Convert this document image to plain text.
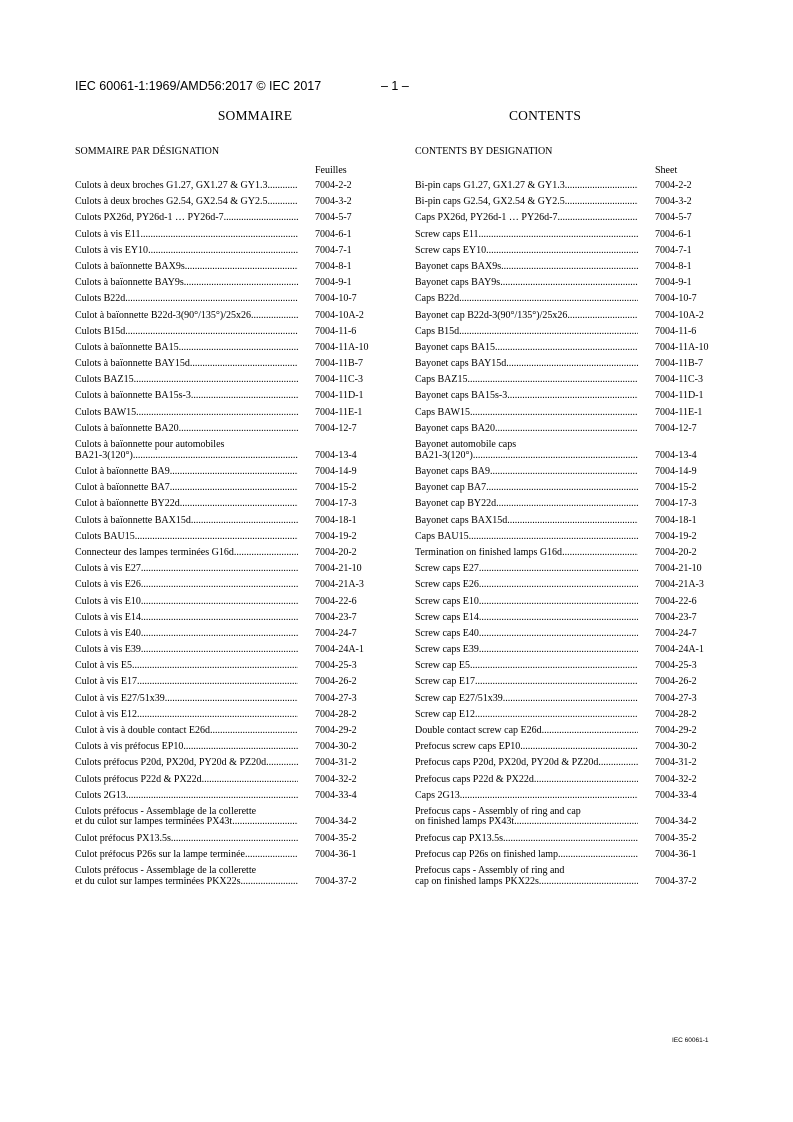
IEC 60061-1:1969/AMD56:2017 © IEC 2017	– 1 –
SOMMAIRE
SOMMAIRE PAR DÉSIGNATION
Feuilles
Culots à deux broches G1.27, GX1.27 & GY1.3 .....	7004-2-2
Culots à deux broches G2.54, GX2.54 & GY2.5 .....	7004-3-2
Culots PX26d, PY26d-1 … PY26d-7 .....	7004-5-7
Culots à vis E11 .....	7004-6-1
Culots à vis EY10 .....	7004-7-1
Culots à baïonnette BAX9s .....	7004-8-1
Culots à baïonnette BAY9s .....	7004-9-1
Culots B22d .....	7004-10-7
Culot à baïonnette B22d-3(90°/135°)/25x26 .....	7004-10A-2
Culots B15d .....	7004-11-6
Culots à baïonnette BA15 .....	7004-11A-10
Culots à baïonnette BAY15d .....	7004-11B-7
Culots BAZ15 .....	7004-11C-3
Culots à baïonnette BA15s-3 .....	7004-11D-1
Culots BAW15 .....	7004-11E-1
Culots à baïonnette BA20 .....	7004-12-7
Culots à baïonnette pour automobiles
BA21-3(120°) .....	7004-13-4
Culot à baïonnette BA9 .....	7004-14-9
Culot à baïonnette BA7 .....	7004-15-2
Culot à baïonnette BY22d .....	7004-17-3
Culots à baïonnette BAX15d .....	7004-18-1
Culots BAU15 .....	7004-19-2
Connecteur des lampes terminées G16d .....	7004-20-2
Culots à vis E27 .....	7004-21-10
Culots à vis E26 .....	7004-21A-3
Culots à vis E10 .....	7004-22-6
Culots à vis E14 .....	7004-23-7
Culots à vis E40 .....	7004-24-7
Culots à vis E39 .....	7004-24A-1
Culot à vis E5 .....	7004-25-3
Culot à vis E17 .....	7004-26-2
Culot à vis E27/51x39 .....	7004-27-3
Culot à vis E12 .....	7004-28-2
Culot à vis à double contact E26d .....	7004-29-2
Culots à vis préfocus EP10 .....	7004-30-2
Culots préfocus P20d, PX20d, PY20d & PZ20d .....	7004-31-2
Culots préfocus P22d & PX22d .....	7004-32-2
Culots 2G13 .....	7004-33-4
Culots préfocus - Assemblage de la collerette
et du culot sur lampes terminées PX43t .....	7004-34-2
Culot préfocus PX13.5s .....	7004-35-2
Culot préfocus P26s sur la lampe terminée .....	7004-36-1
Culots préfocus - Assemblage de la collerette
et du culot sur lampes terminées PKX22s .....	7004-37-2
CONTENTS
CONTENTS BY DESIGNATION
Sheet
Bi-pin caps G1.27, GX1.27 & GY1.3 .....	7004-2-2
Bi-pin caps G2.54, GX2.54 & GY2.5 .....	7004-3-2
Caps PX26d, PY26d-1 … PY26d-7 .....	7004-5-7
Screw caps E11 .....	7004-6-1
Screw caps EY10 .....	7004-7-1
Bayonet caps BAX9s .....	7004-8-1
Bayonet caps BAY9s .....	7004-9-1
Caps B22d .....	7004-10-7
Bayonet cap B22d-3(90°/135°)/25x26 .....	7004-10A-2
Caps B15d .....	7004-11-6
Bayonet caps BA15 .....	7004-11A-10
Bayonet caps BAY15d .....	7004-11B-7
Caps BAZ15 .....	7004-11C-3
Bayonet caps BA15s-3 .....	7004-11D-1
Caps BAW15 .....	7004-11E-1
Bayonet caps BA20 .....	7004-12-7
Bayonet automobile caps
BA21-3(120°) .....	7004-13-4
Bayonet caps BA9 .....	7004-14-9
Bayonet cap BA7 .....	7004-15-2
Bayonet cap BY22d .....	7004-17-3
Bayonet caps BAX15d .....	7004-18-1
Caps BAU15 .....	7004-19-2
Termination on finished lamps G16d .....	7004-20-2
Screw caps E27 .....	7004-21-10
Screw caps E26 .....	7004-21A-3
Screw caps E10 .....	7004-22-6
Screw caps E14 .....	7004-23-7
Screw caps E40 .....	7004-24-7
Screw caps E39 .....	7004-24A-1
Screw cap E5 .....	7004-25-3
Screw cap E17 .....	7004-26-2
Screw cap E27/51x39 .....	7004-27-3
Screw cap E12 .....	7004-28-2
Double contact screw cap E26d .....	7004-29-2
Prefocus screw caps EP10 .....	7004-30-2
Prefocus caps P20d, PX20d, PY20d & PZ20d .....	7004-31-2
Prefocus caps P22d & PX22d .....	7004-32-2
Caps 2G13 .....	7004-33-4
Prefocus caps - Assembly of ring and cap
on finished lamps PX43t .....	7004-34-2
Prefocus cap PX13.5s .....	7004-35-2
Prefocus cap P26s on finished lamp .....	7004-36-1
Prefocus caps - Assembly of ring and
cap on finished lamps PKX22s .....	7004-37-2
IEC 60061-1
